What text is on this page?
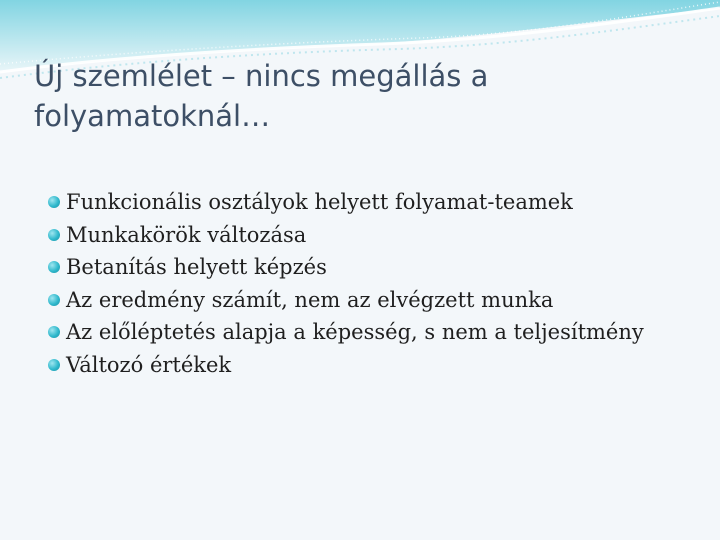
Új szemlélet – nincs megállás a folyamatoknál…
Funkcionális osztályok helyett folyamat-teamek
Munkakörök változása
Betanítás helyett képzés
Az eredmény számít, nem az elvégzett munka
Az előléptetés alapja a képesség, s nem a teljesítmény
Változó értékek
